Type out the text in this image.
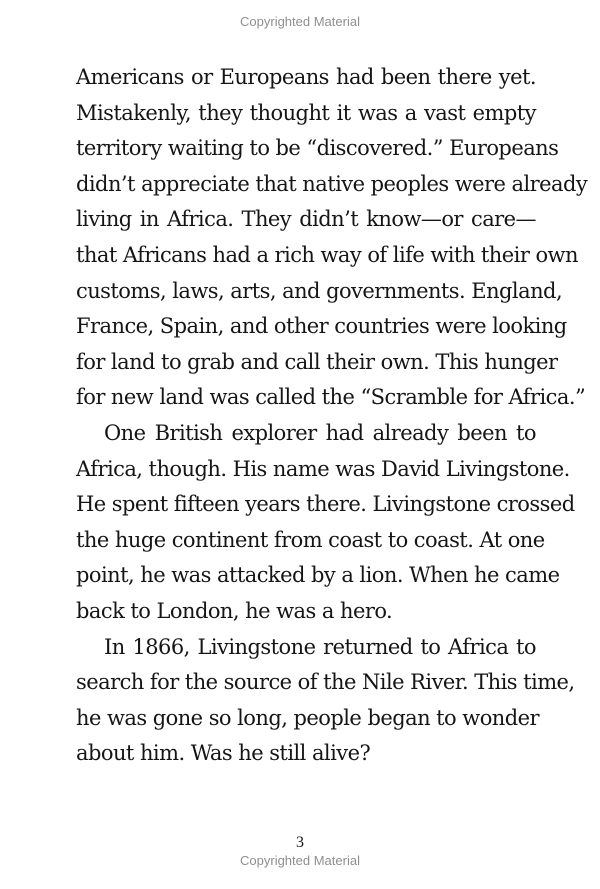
Copyrighted Material
Americans or Europeans had been there yet.
Mistakenly, they thought it was a vast empty
territory waiting to be “discovered.” Europeans
didn’t appreciate that native peoples were already
living in Africa. They didn’t know—or care—
that Africans had a rich way of life with their own
customs, laws, arts, and governments. England,
France, Spain, and other countries were looking
for land to grab and call their own. This hunger
for new land was called the “Scramble for Africa.”
One British explorer had already been to
Africa, though. His name was David Livingstone.
He spent fifteen years there. Livingstone crossed
the huge continent from coast to coast. At one
point, he was attacked by a lion. When he came
back to London, he was a hero.
In 1866, Livingstone returned to Africa to
search for the source of the Nile River. This time,
he was gone so long, people began to wonder
about him. Was he still alive?
3
Copyrighted Material
